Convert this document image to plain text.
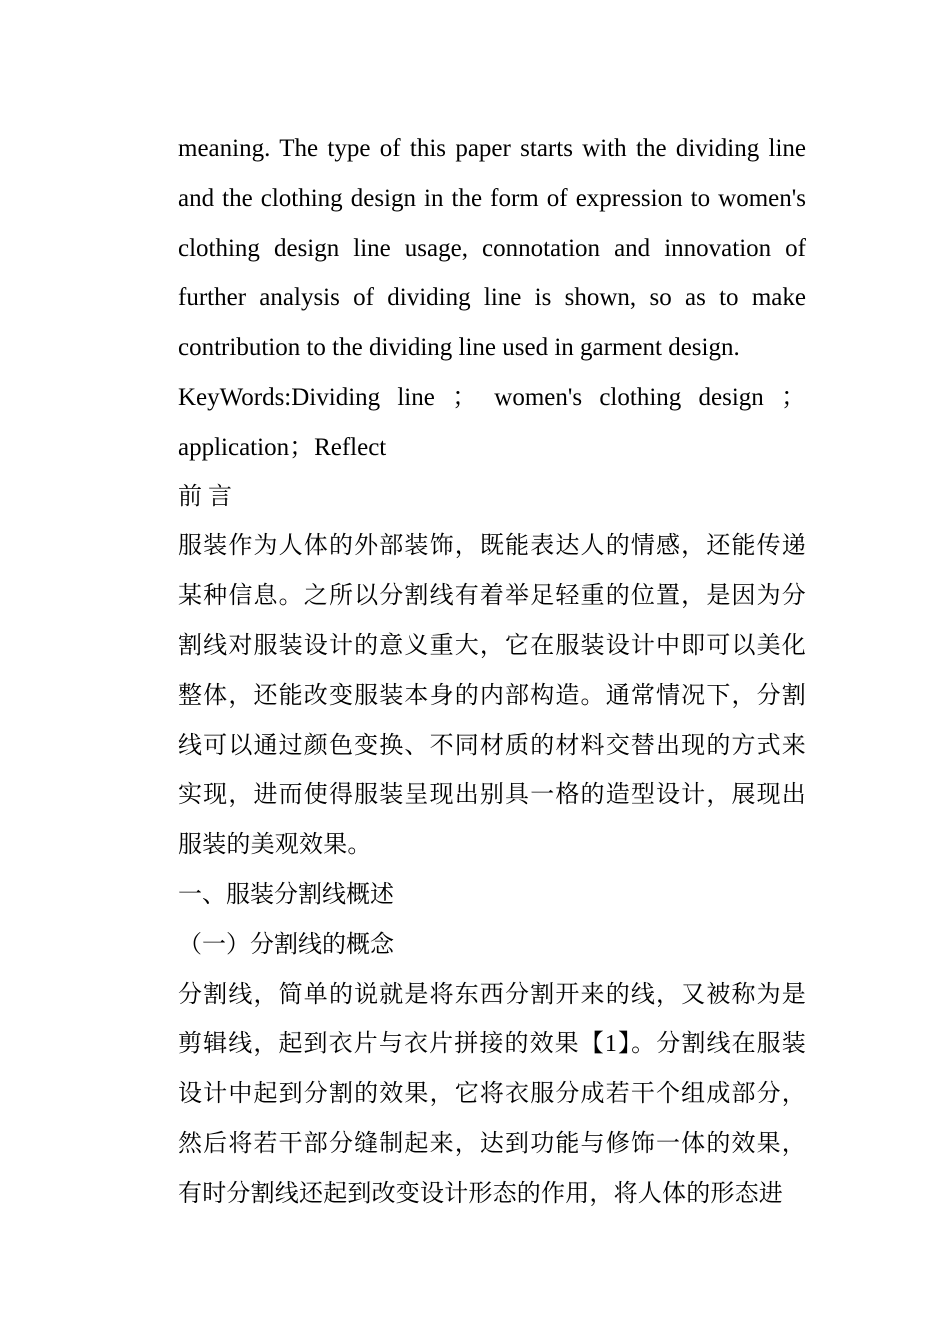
meaning. The type of this paper starts with the dividing line and the clothing design in the form of expression to women's clothing design line usage, connotation and innovation of further analysis of dividing line is shown, so as to make contribution to the dividing line used in garment design.

KeyWords:Dividing line ； women's clothing design ；
application；Reflect

前 言

服装作为人体的外部装饰，既能表达人的情感，还能传递某种信息。之所以分割线有着举足轻重的位置，是因为分割线对服装设计的意义重大，它在服装设计中即可以美化整体，还能改变服装本身的内部构造。通常情况下，分割线可以通过颜色变换、不同材质的材料交替出现的方式来实现，进而使得服装呈现出别具一格的造型设计，展现出服装的美观效果。

一、服装分割线概述

（一）分割线的概念

分割线，简单的说就是将东西分割开来的线，又被称为是剪辑线，起到衣片与衣片拼接的效果【1】。分割线在服装设计中起到分割的效果，它将衣服分成若干个组成部分，然后将若干部分缝制起来，达到功能与修饰一体的效果，有时分割线还起到改变设计形态的作用，将人体的形态进
